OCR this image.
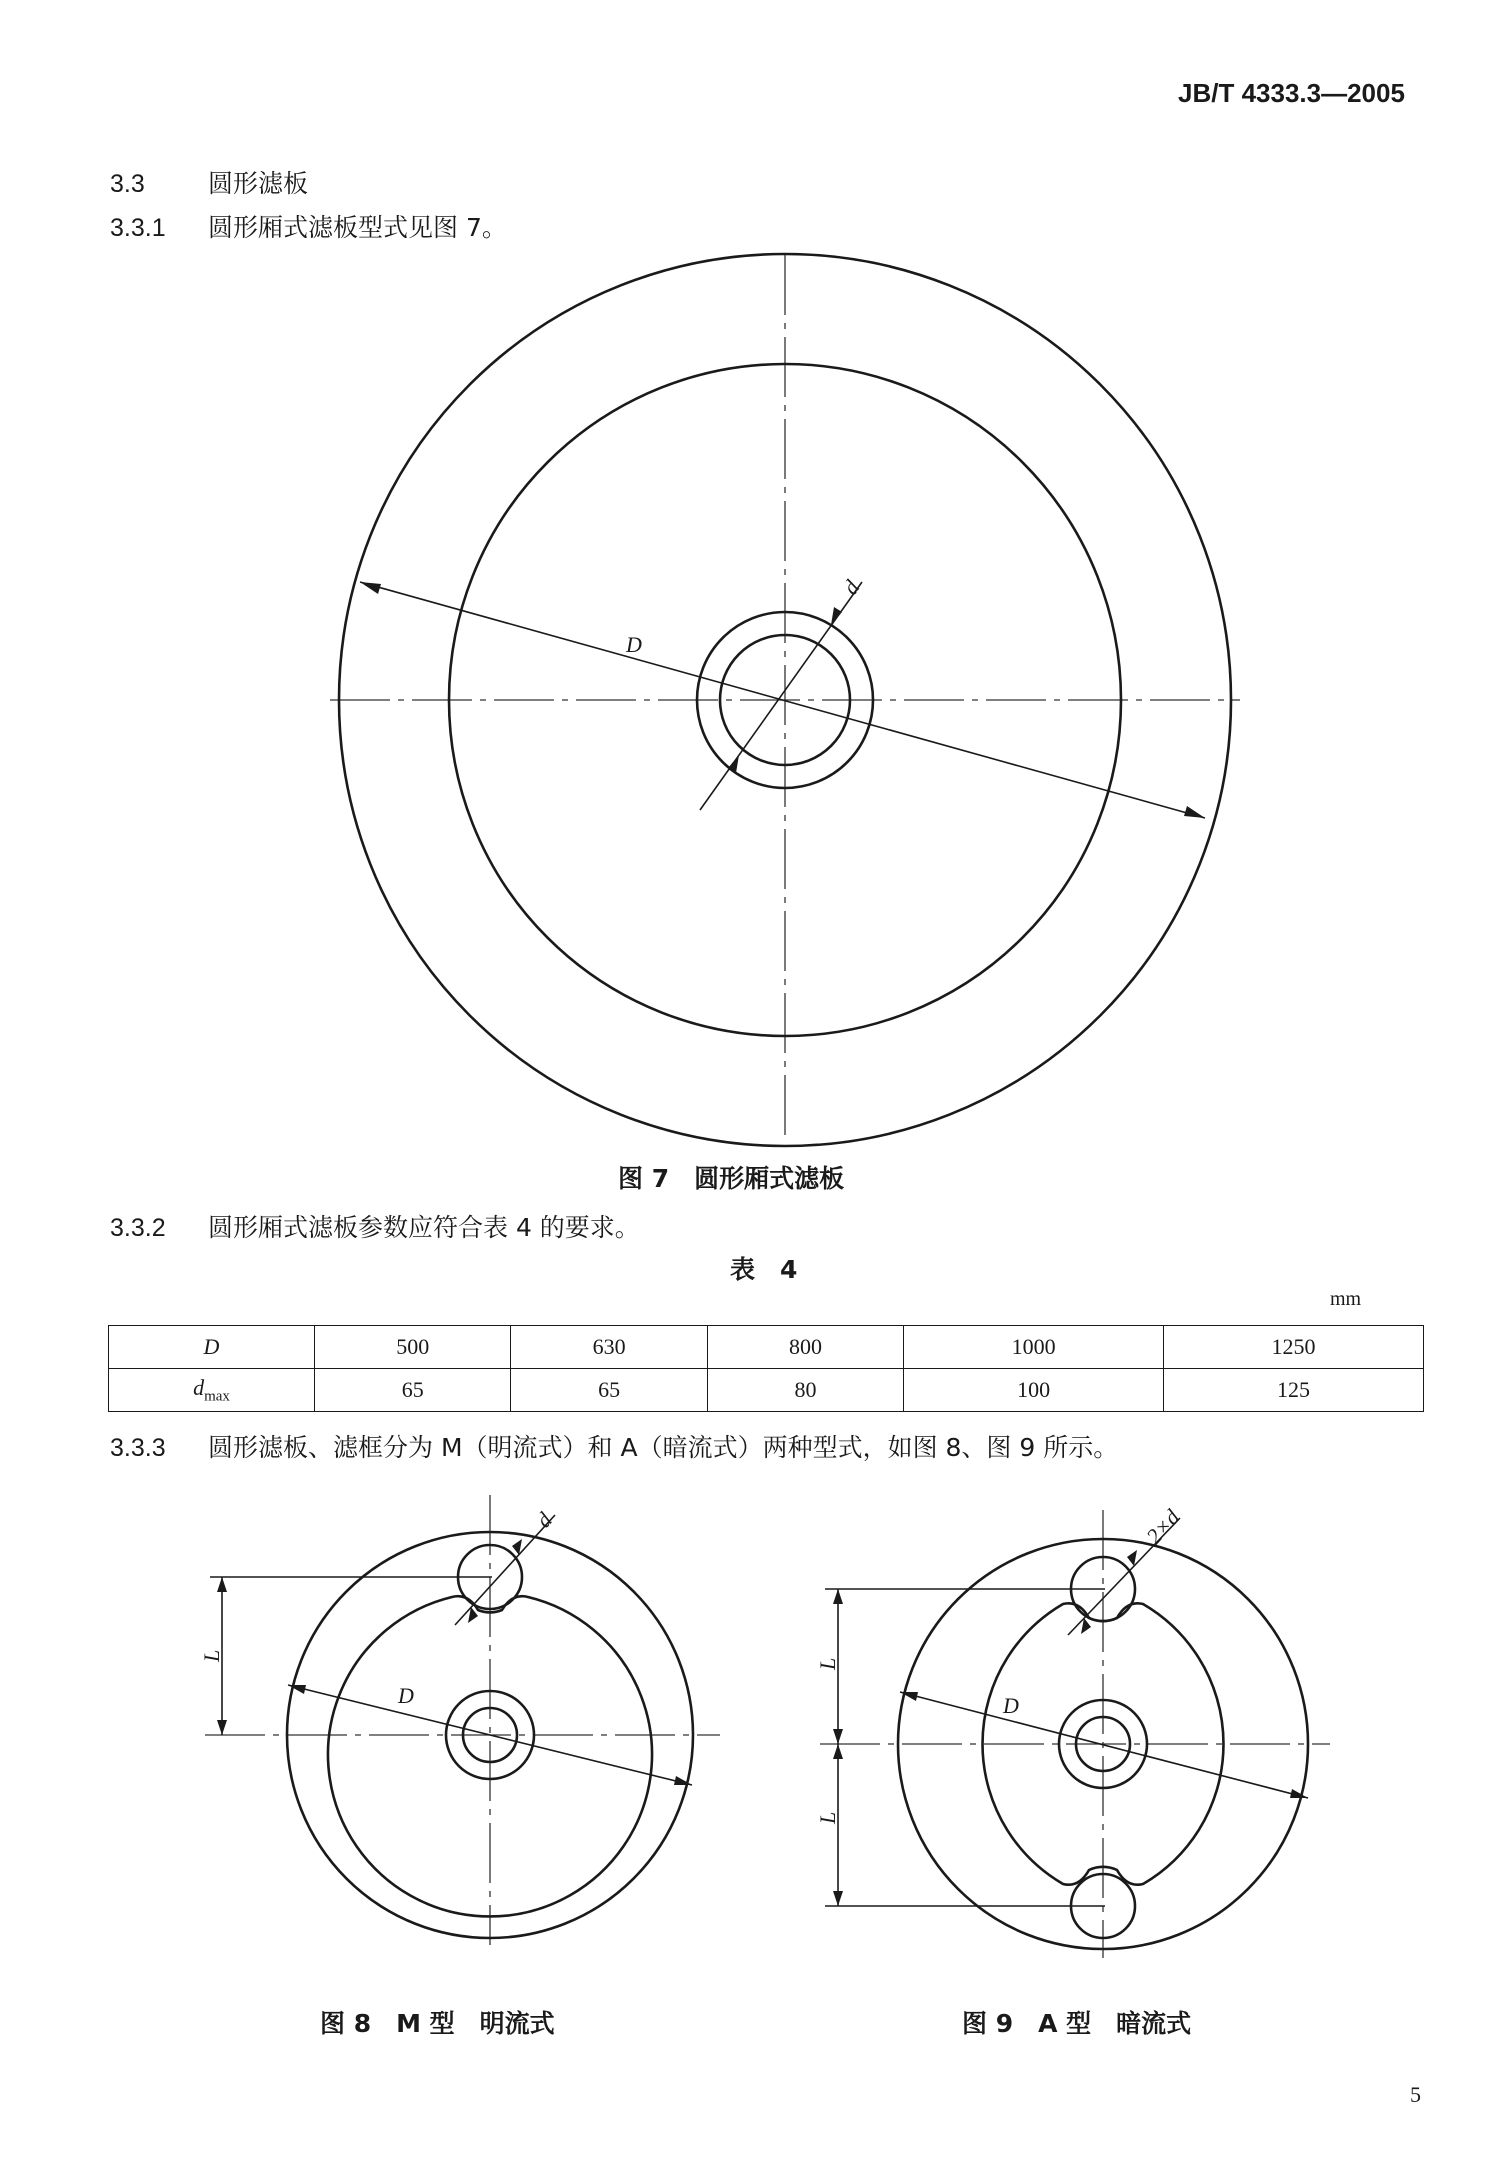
JB/T 4333.3—2005
3.3	圆形滤板
3.3.1 圆形厢式滤板型式见图 7。
D
d
图 7　圆形厢式滤板
3.3.2 圆形厢式滤板参数应符合表 4 的要求。
表　4
mm
D	500	630	800	1000	1250
$d_{max}$	65	65	80	100	125
3.3.3 圆形滤板、滤框分为 M（明流式）和 A（暗流式）两种型式，如图 8、图 9 所示。
L
D
d
L
L
D
2×d
图 8　M 型　明流式	图 9　A 型　暗流式
5
